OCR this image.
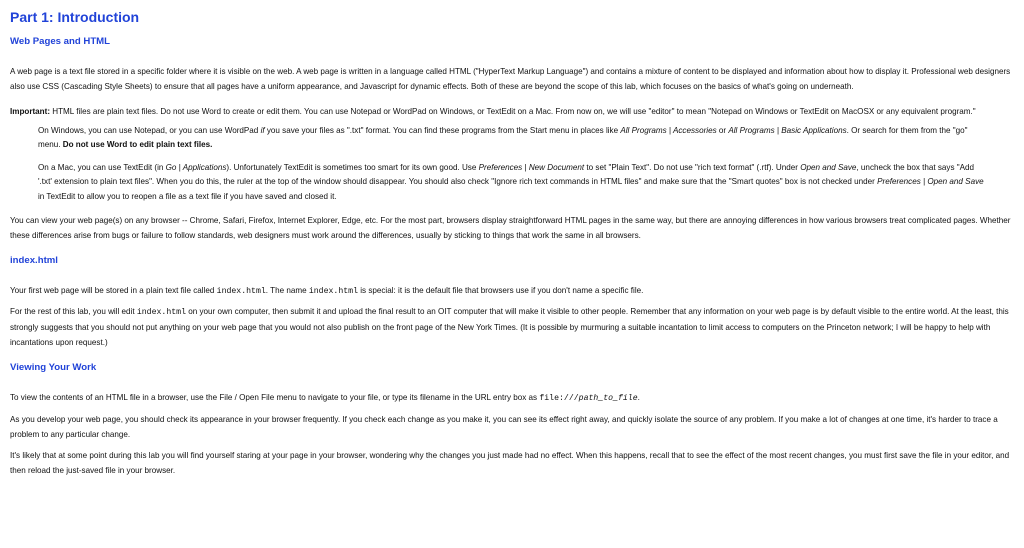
Part 1: Introduction
Web Pages and HTML

A web page is a text file stored in a specific folder where it is visible on the web. A web page is written in a language called HTML ("HyperText Markup Language") and contains a mixture of content to be displayed and information about how to display it. Professional web designers also use CSS (Cascading Style Sheets) to ensure that all pages have a uniform appearance, and Javascript for dynamic effects. Both of these are beyond the scope of this lab, which focuses on the basics of what's going on underneath.

Important: HTML files are plain text files. Do not use Word to create or edit them. You can use Notepad or WordPad on Windows, or TextEdit on a Mac. From now on, we will use "editor" to mean "Notepad on Windows or TextEdit on MacOSX or any equivalent program."

On Windows, you can use Notepad, or you can use WordPad if you save your files as ".txt" format. You can find these programs from the Start menu in places like All Programs | Accessories or All Programs | Basic Applications. Or search for them from the "go" menu. Do not use Word to edit plain text files.

On a Mac, you can use TextEdit (in Go | Applications). Unfortunately TextEdit is sometimes too smart for its own good. Use Preferences | New Document to set "Plain Text". Do not use "rich text format" (.rtf). Under Open and Save, uncheck the box that says "Add '.txt' extension to plain text files". When you do this, the ruler at the top of the window should disappear. You should also check "Ignore rich text commands in HTML files" and make sure that the "Smart quotes" box is not checked under Preferences | Open and Save in TextEdit to allow you to reopen a file as a text file if you have saved and closed it.

You can view your web page(s) on any browser -- Chrome, Safari, Firefox, Internet Explorer, Edge, etc. For the most part, browsers display straightforward HTML pages in the same way, but there are annoying differences in how various browsers treat complicated pages. Whether these differences arise from bugs or failure to follow standards, web designers must work around the differences, usually by sticking to things that work the same in all browsers.

index.html

Your first web page will be stored in a plain text file called index.html. The name index.html is special: it is the default file that browsers use if you don't name a specific file.

For the rest of this lab, you will edit index.html on your own computer, then submit it and upload the final result to an OIT computer that will make it visible to other people. Remember that any information on your web page is by default visible to the entire world. At the least, this strongly suggests that you should not put anything on your web page that you would not also publish on the front page of the New York Times. (It is possible by murmuring a suitable incantation to limit access to computers on the Princeton network; I will be happy to help with incantations upon request.)

Viewing Your Work

To view the contents of an HTML file in a browser, use the File / Open File menu to navigate to your file, or type its filename in the URL entry box as file:///path_to_file.

As you develop your web page, you should check its appearance in your browser frequently. If you check each change as you make it, you can see its effect right away, and quickly isolate the source of any problem. If you make a lot of changes at one time, it's harder to trace a problem to any particular change.

It's likely that at some point during this lab you will find yourself staring at your page in your browser, wondering why the changes you just made had no effect. When this happens, recall that to see the effect of the most recent changes, you must first save the file in your editor, and then reload the just-saved file in your browser.
